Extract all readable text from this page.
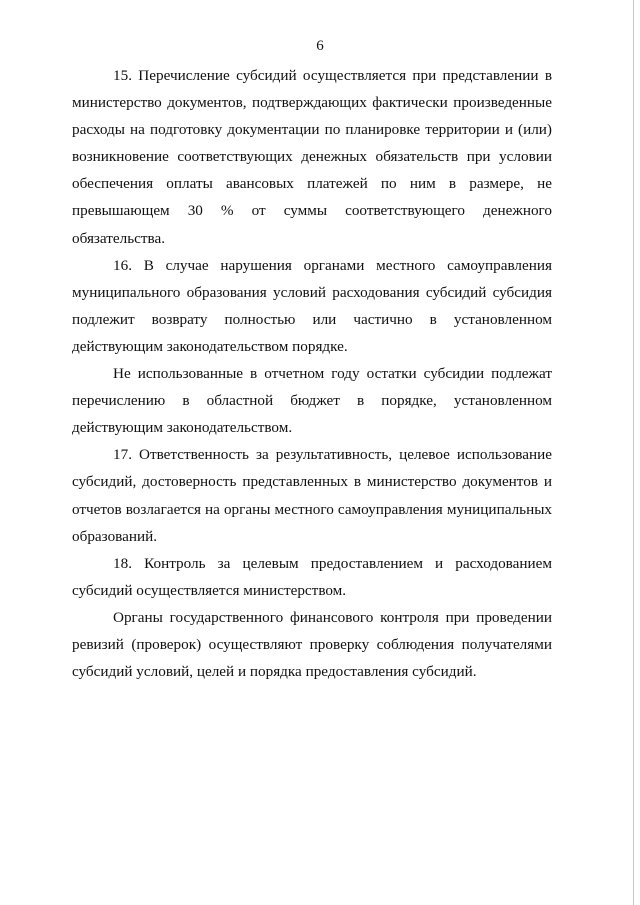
6

15. Перечисление субсидий осуществляется при представлении в министерство документов, подтверждающих фактически произведенные расходы на подготовку документации по планировке территории и (или) возникновение соответствующих денежных обязательств при условии обеспечения оплаты авансовых платежей по ним в размере, не превышающем 30 % от суммы соответствующего денежного обязательства.

16. В случае нарушения органами местного самоуправления муниципального образования условий расходования субсидий субсидия подлежит возврату полностью или частично в установленном действующим законодательством порядке.

Не использованные в отчетном году остатки субсидии подлежат перечислению в областной бюджет в порядке, установленном действующим законодательством.

17. Ответственность за результативность, целевое использование субсидий, достоверность представленных в министерство документов и отчетов возлагается на органы местного самоуправления муниципальных образований.

18. Контроль за целевым предоставлением и расходованием субсидий осуществляется министерством.

Органы государственного финансового контроля при проведении ревизий (проверок) осуществляют проверку соблюдения получателями субсидий условий, целей и порядка предоставления субсидий.
